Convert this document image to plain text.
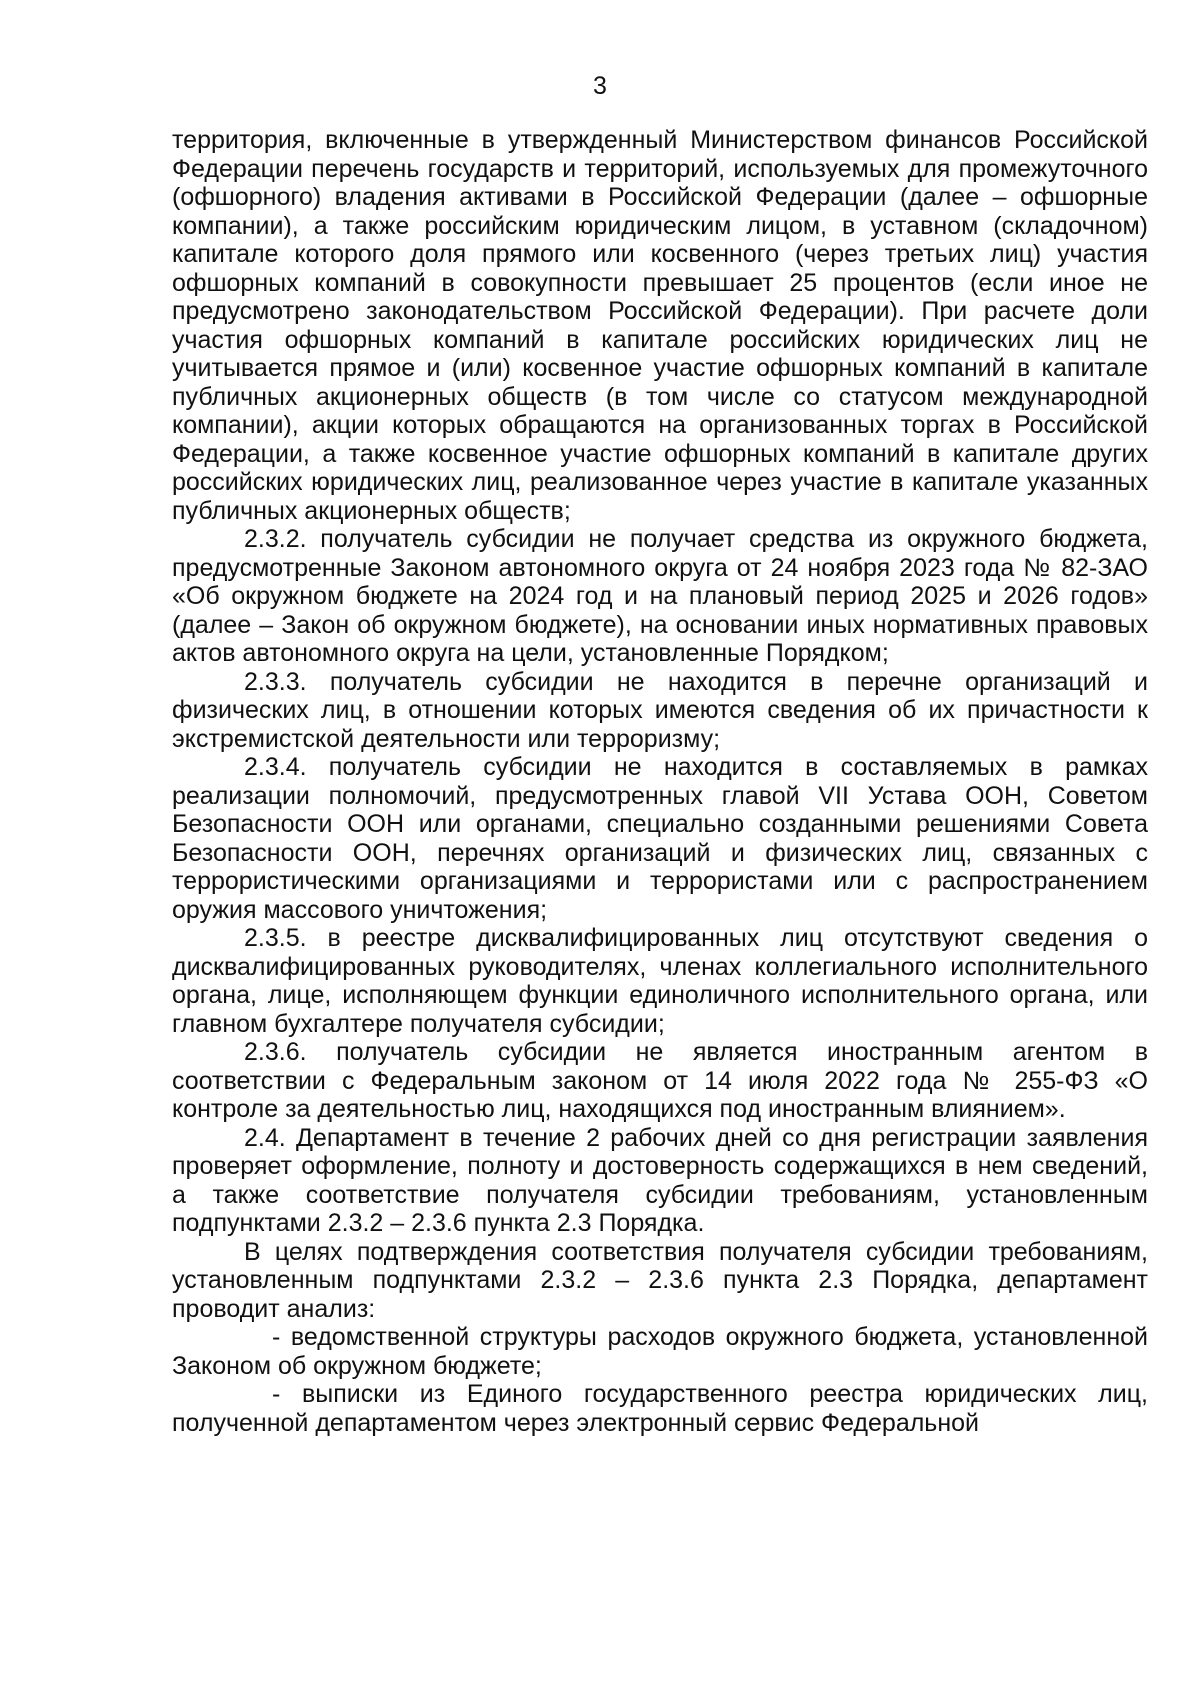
3

территория, включенные в утвержденный Министерством финансов Российской Федерации перечень государств и территорий, используемых для промежуточного (офшорного) владения активами в Российской Федерации (далее – офшорные компании), а также российским юридическим лицом, в уставном (складочном) капитале которого доля прямого или косвенного (через третьих лиц) участия офшорных компаний в совокупности превышает 25 процентов (если иное не предусмотрено законодательством Российской Федерации). При расчете доли участия офшорных компаний в капитале российских юридических лиц не учитывается прямое и (или) косвенное участие офшорных компаний в капитале публичных акционерных обществ (в том числе со статусом международной компании), акции которых обращаются на организованных торгах в Российской Федерации, а также косвенное участие офшорных компаний в капитале других российских юридических лиц, реализованное через участие в капитале указанных публичных акционерных обществ;

2.3.2. получатель субсидии не получает средства из окружного бюджета, предусмотренные Законом автономного округа от 24 ноября 2023 года № 82-ЗАО «Об окружном бюджете на 2024 год и на плановый период 2025 и 2026 годов» (далее – Закон об окружном бюджете), на основании иных нормативных правовых актов автономного округа на цели, установленные Порядком;

2.3.3. получатель субсидии не находится в перечне организаций и физических лиц, в отношении которых имеются сведения об их причастности к экстремистской деятельности или терроризму;

2.3.4. получатель субсидии не находится в составляемых в рамках реализации полномочий, предусмотренных главой VII Устава ООН, Советом Безопасности ООН или органами, специально созданными решениями Совета Безопасности ООН, перечнях организаций и физических лиц, связанных с террористическими организациями и террористами или с распространением оружия массового уничтожения;

2.3.5. в реестре дисквалифицированных лиц отсутствуют сведения о дисквалифицированных руководителях, членах коллегиального исполнительного органа, лице, исполняющем функции единоличного исполнительного органа, или главном бухгалтере получателя субсидии;

2.3.6. получатель субсидии не является иностранным агентом в соответствии с Федеральным законом от 14 июля 2022 года № 255-ФЗ «О контроле за деятельностью лиц, находящихся под иностранным влиянием».

2.4. Департамент в течение 2 рабочих дней со дня регистрации заявления проверяет оформление, полноту и достоверность содержащихся в нем сведений, а также соответствие получателя субсидии требованиям, установленным подпунктами 2.3.2 – 2.3.6 пункта 2.3 Порядка.

В целях подтверждения соответствия получателя субсидии требованиям, установленным подпунктами 2.3.2 – 2.3.6 пункта 2.3 Порядка, департамент проводит анализ:

- ведомственной структуры расходов окружного бюджета, установленной Законом об окружном бюджете;

- выписки из Единого государственного реестра юридических лиц, полученной департаментом через электронный сервис Федеральной
